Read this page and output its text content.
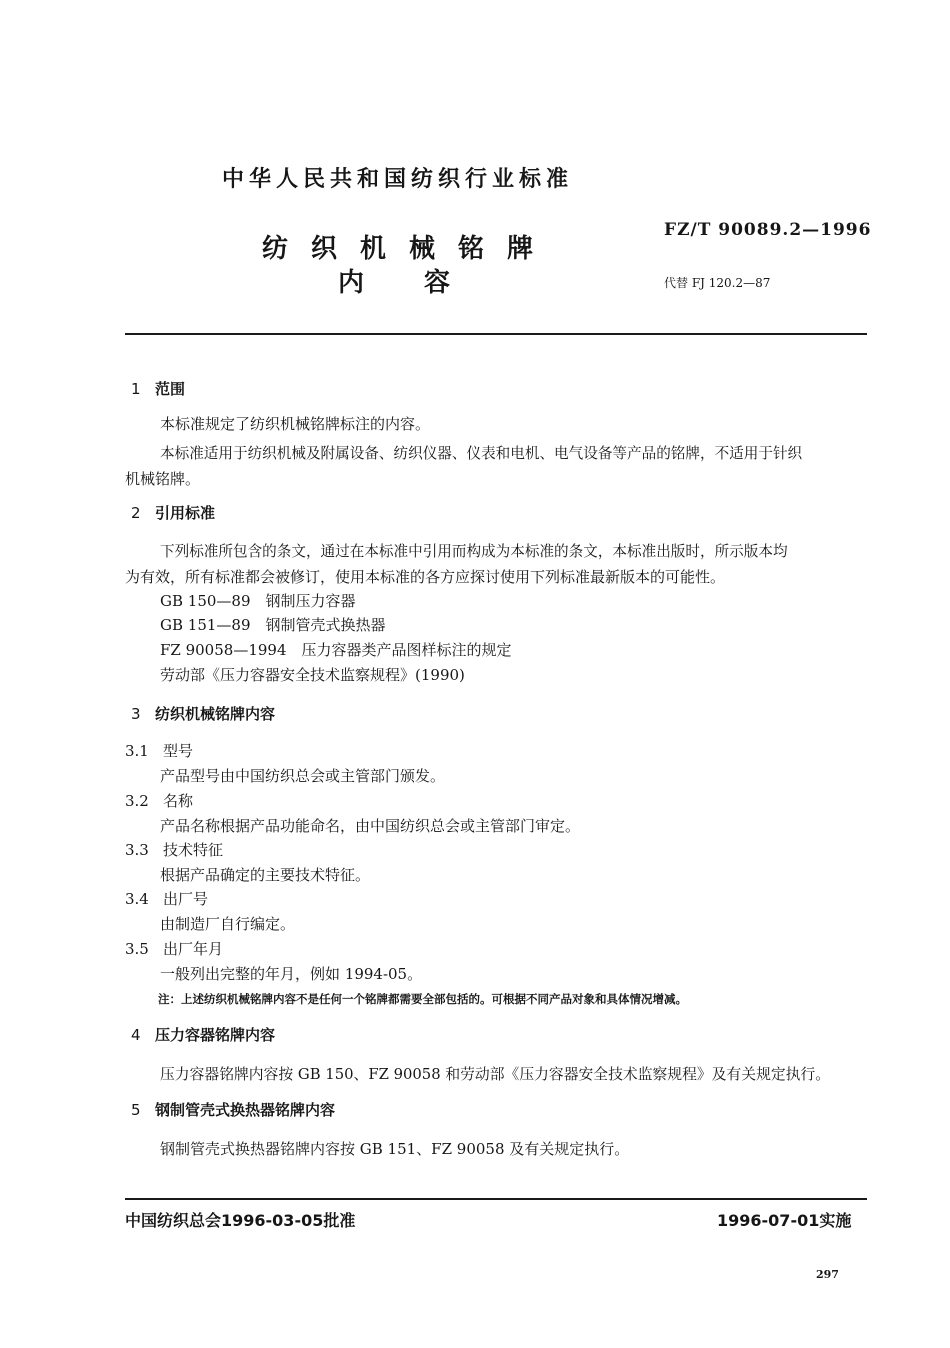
中华人民共和国纺织行业标准
纺织机械铭牌
内容
FZ/T 90089.2—1996
代替 FJ 120.2—87
1 范围
本标准规定了纺织机械铭牌标注的内容。
本标准适用于纺织机械及附属设备、纺织仪器、仪表和电机、电气设备等产品的铭牌，不适用于针织
机械铭牌。
2 引用标准
下列标准所包含的条文，通过在本标准中引用而构成为本标准的条文，本标准出版时，所示版本均
为有效，所有标准都会被修订，使用本标准的各方应探讨使用下列标准最新版本的可能性。
GB 150—89　钢制压力容器
GB 151—89　钢制管壳式换热器
FZ 90058—1994　压力容器类产品图样标注的规定
劳动部《压力容器安全技术监察规程》(1990)
3 纺织机械铭牌内容
3.1 型号
产品型号由中国纺织总会或主管部门颁发。
3.2 名称
产品名称根据产品功能命名，由中国纺织总会或主管部门审定。
3.3 技术特征
根据产品确定的主要技术特征。
3.4 出厂号
由制造厂自行编定。
3.5 出厂年月
一般列出完整的年月，例如 1994-05。
注：上述纺织机械铭牌内容不是任何一个铭牌都需要全部包括的。可根据不同产品对象和具体情况增减。
4 压力容器铭牌内容
压力容器铭牌内容按 GB 150、FZ 90058 和劳动部《压力容器安全技术监察规程》及有关规定执行。
5 钢制管壳式换热器铭牌内容
钢制管壳式换热器铭牌内容按 GB 151、FZ 90058 及有关规定执行。
中国纺织总会1996-03-05批准	1996-07-01实施
297
